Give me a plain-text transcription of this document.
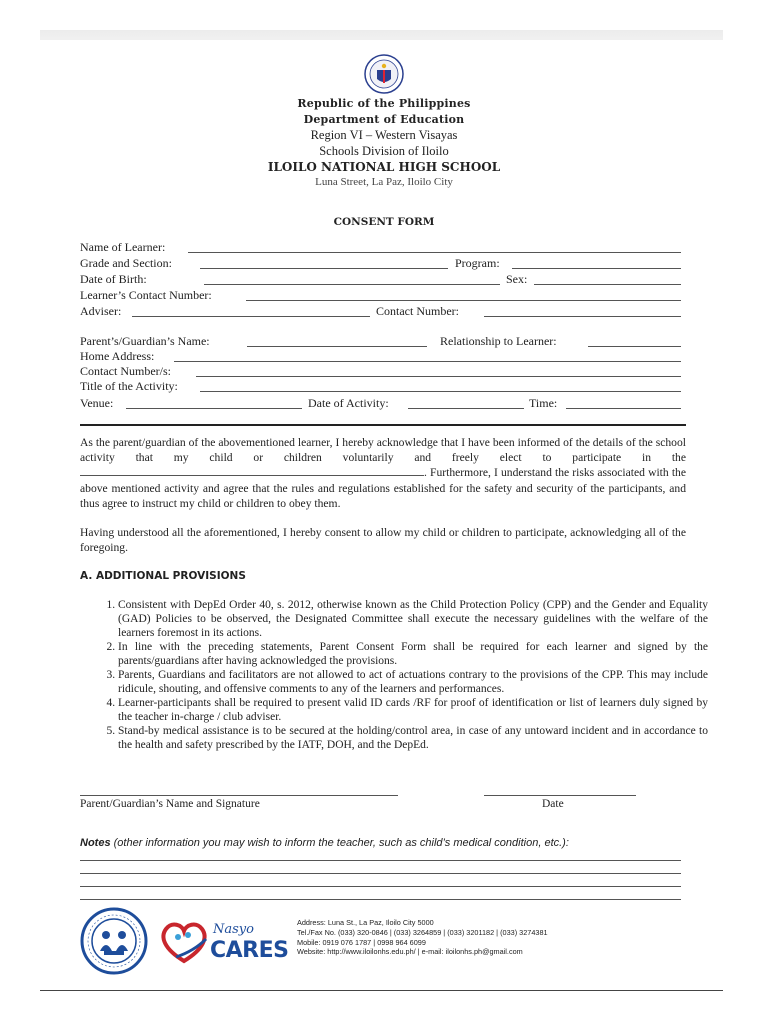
Republic of the Philippines
Department of Education
Region VI – Western Visayas
Schools Division of Iloilo
ILOILO NATIONAL HIGH SCHOOL
Luna Street, La Paz, Iloilo City
CONSENT FORM
Name of Learner:
Grade and Section:	Program:
Date of Birth:	Sex:
Learner’s Contact Number:
Adviser:	Contact Number:
Parent’s/Guardian’s Name:	Relationship to Learner:
Home Address:
Contact Number/s:
Title of the Activity:
Venue:	Date of Activity:	Time:

As the parent/guardian of the abovementioned learner, I hereby acknowledge that I have been informed of the details of the school activity that my child or children voluntarily and freely elect to participate in the . Furthermore, I understand the risks associated with the above mentioned activity and agree that the rules and regulations established for the safety and security of the participants, and thus agree to instruct my child or children to obey them.

Having understood all the aforementioned, I hereby consent to allow my child or children to participate, acknowledging all of the foregoing.

A. ADDITIONAL PROVISIONS
1. Consistent with DepEd Order 40, s. 2012, otherwise known as the Child Protection Policy (CPP) and the Gender and Equality (GAD) Policies to be observed, the Designated Committee shall execute the necessary guidelines with the welfare of the learners foremost in its actions.
2. In line with the preceding statements, Parent Consent Form shall be required for each learner and signed by the parents/guardians after having acknowledged the provisions.
3. Parents, Guardians and facilitators are not allowed to act of actuations contrary to the provisions of the CPP. This may include ridicule, shouting, and offensive comments to any of the learners and performances.
4. Learner-participants shall be required to present valid ID cards /RF for proof of identification or list of learners duly signed by the teacher in-charge / club adviser.
5. Stand-by medical assistance is to be secured at the holding/control area, in case of any untoward incident and in accordance to the health and safety prescribed by the IATF, DOH, and the DepEd.
Parent/Guardian’s Name and Signature	Date
Notes (other information you may wish to inform the teacher, such as child’s medical condition, etc.):
Nasyo
CARES
Address: Luna St., La Paz, Iloilo City 5000
Tel./Fax No. (033) 320-0846 | (033) 3264859 | (033) 3201182 | (033) 3274381
Mobile: 0919 076 1787 | 0998 964 6099
Website: http://www.iloilonhs.edu.ph/ | e-mail: iloilonhs.ph@gmail.com
